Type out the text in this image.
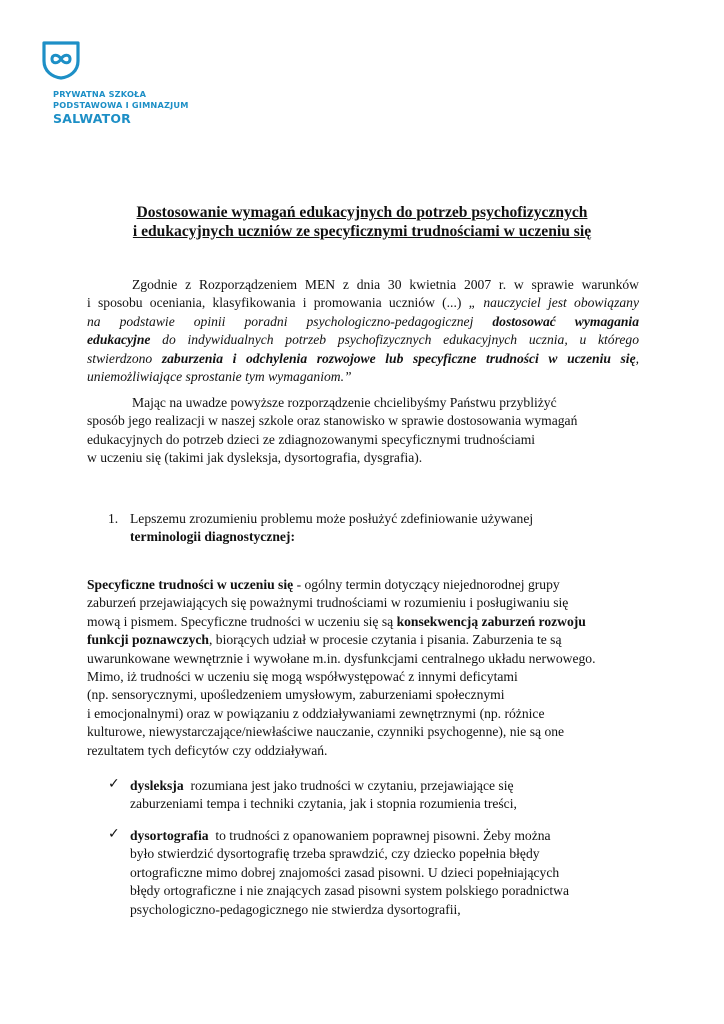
PRYWATNA SZKOŁA
PODSTAWOWA I GIMNAZJUM
SALWATOR
Dostosowanie wymagań edukacyjnych do potrzeb psychofizycznych
i edukacyjnych uczniów ze specyficznymi trudnościami w uczeniu się
Zgodnie z Rozporządzeniem MEN z dnia 30 kwietnia 2007 r. w sprawie warunków
i sposobu oceniania, klasyfikowania i promowania uczniów (...) „ nauczyciel jest obowiązany
na podstawie opinii poradni psychologiczno-pedagogicznej dostosować wymagania
edukacyjne do indywidualnych potrzeb psychofizycznych edukacyjnych ucznia, u którego
stwierdzono zaburzenia i odchylenia rozwojowe lub specyficzne trudności w uczeniu się,
uniemożliwiające sprostanie tym wymaganiom.”
Mając na uwadze powyższe rozporządzenie chcielibyśmy Państwu przybliżyć
sposób jego realizacji w naszej szkole oraz stanowisko w sprawie dostosowania wymagań
edukacyjnych do potrzeb dzieci ze zdiagnozowanymi specyficznymi trudnościami
w uczeniu się (takimi jak dysleksja, dysortografia, dysgrafia).
1. Lepszemu zrozumieniu problemu może posłużyć zdefiniowanie używanej
terminologii diagnostycznej:
Specyficzne trudności w uczeniu się - ogólny termin dotyczący niejednorodnej grupy
zaburzeń przejawiających się poważnymi trudnościami w rozumieniu i posługiwaniu się
mową i pismem. Specyficzne trudności w uczeniu się są konsekwencją zaburzeń rozwoju
funkcji poznawczych, biorących udział w procesie czytania i pisania. Zaburzenia te są
uwarunkowane wewnętrznie i wywołane m.in. dysfunkcjami centralnego układu nerwowego.
Mimo, iż trudności w uczeniu się mogą współwystępować z innymi deficytami
(np. sensorycznymi, upośledzeniem umysłowym, zaburzeniami społecznymi
i emocjonalnymi) oraz w powiązaniu z oddziaływaniami zewnętrznymi (np. różnice
kulturowe, niewystarczające/niewłaściwe nauczanie, czynniki psychogenne), nie są one
rezultatem tych deficytów czy oddziaływań.
✓ dysleksja  rozumiana jest jako trudności w czytaniu, przejawiające się
zaburzeniami tempa i techniki czytania, jak i stopnia rozumienia treści,
✓ dysortografia  to trudności z opanowaniem poprawnej pisowni. Żeby można
było stwierdzić dysortografię trzeba sprawdzić, czy dziecko popełnia błędy
ortograficzne mimo dobrej znajomości zasad pisowni. U dzieci popełniających
błędy ortograficzne i nie znających zasad pisowni system polskiego poradnictwa
psychologiczno-pedagogicznego nie stwierdza dysortografii,
